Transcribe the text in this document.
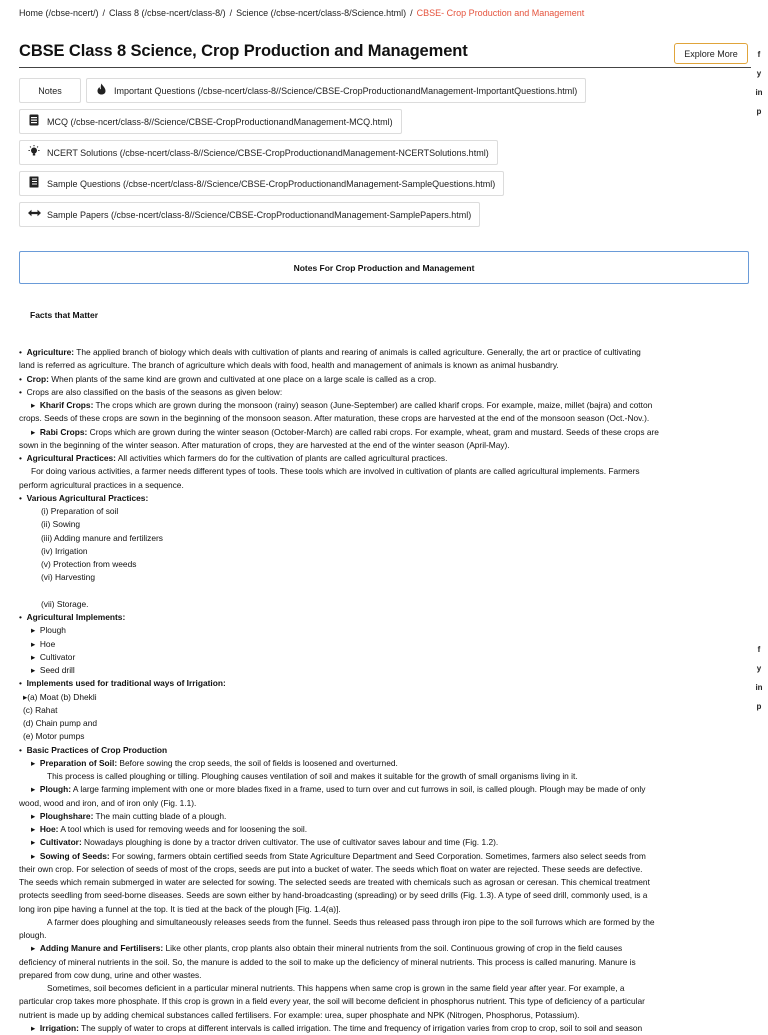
Home (/cbse-ncert/) / Class 8 (/cbse-ncert/class-8/) / Science (/cbse-ncert/class-8/Science.html) / CBSE- Crop Production and Management
CBSE Class 8 Science, Crop Production and Management	Explore More	f
y
in
p
f
y
in
p
Notes	Important Questions (/cbse-ncert/class-8//Science/CBSE-CropProductionandManagement-ImportantQuestions.html)
MCQ (/cbse-ncert/class-8//Science/CBSE-CropProductionandManagement-MCQ.html)
NCERT Solutions (/cbse-ncert/class-8//Science/CBSE-CropProductionandManagement-NCERTSolutions.html)
Sample Questions (/cbse-ncert/class-8//Science/CBSE-CropProductionandManagement-SampleQuestions.html)
Sample Papers (/cbse-ncert/class-8//Science/CBSE-CropProductionandManagement-SamplePapers.html)
Notes For Crop Production and Management
Facts that Matter
•  Agriculture: The applied branch of biology which deals with cultivation of plants and rearing of animals is called agriculture. Generally, the art or practice of cultivating
land is referred as agriculture. The branch of agriculture which deals with food, health and management of animals is known as animal husbandry.
•  Crop: When plants of the same kind are grown and cultivated at one place on a large scale is called as a crop.
•  Crops are also classified on the basis of the seasons as given below:
▸  Kharif Crops: The crops which are grown during the monsoon (rainy) season (June-September) are called kharif crops. For example, maize, millet (bajra) and cotton
crops. Seeds of these crops are sown in the beginning of the monsoon season. After maturation, these crops are harvested at the end of the monsoon season (Oct.-Nov.).
▸  Rabi Crops: Crops which are grown during the winter season (October-March) are called rabi crops. For example, wheat, gram and mustard. Seeds of these crops are
sown in the beginning of the winter season. After maturation of crops, they are harvested at the end of the winter season (April-May).
•  Agricultural Practices: All activities which farmers do for the cultivation of plants are called agricultural practices.
For doing various activities, a farmer needs different types of tools. These tools which are involved in cultivation of plants are called agricultural implements. Farmers
perform agricultural practices in a sequence.
•  Various Agricultural Practices:
(i) Preparation of soil
(ii) Sowing
(iii) Adding manure and fertilizers
(iv) Irrigation
(v) Protection from weeds
(vi) Harvesting
(vii) Storage.
•  Agricultural Implements:
▸  Plough
▸  Hoe
▸  Cultivator
▸  Seed drill
•  Implements used for traditional ways of Irrigation:
▸(a) Moat (b) Dhekli
(c) Rahat
(d) Chain pump and
(e) Motor pumps
•  Basic Practices of Crop Production
▸  Preparation of Soil: Before sowing the crop seeds, the soil of fields is loosened and overturned.
This process is called ploughing or tilling. Ploughing causes ventilation of soil and makes it suitable for the growth of small organisms living in it.
▸  Plough: A large farming implement with one or more blades fixed in a frame, used to turn over and cut furrows in soil, is called plough. Plough may be made of only
wood, wood and iron, and of iron only (Fig. 1.1).
▸  Ploughshare: The main cutting blade of a plough.
▸  Hoe: A tool which is used for removing weeds and for loosening the soil.
▸  Cultivator: Nowadays ploughing is done by a tractor driven cultivator. The use of cultivator saves labour and time (Fig. 1.2).
▸  Sowing of Seeds: For sowing, farmers obtain certified seeds from State Agriculture Department and Seed Corporation. Sometimes, farmers also select seeds from
their own crop. For selection of seeds of most of the crops, seeds are put into a bucket of water. The seeds which float on water are rejected. These seeds are defective.
The seeds which remain submerged in water are selected for sowing. The selected seeds are treated with chemicals such as agrosan or ceresan. This chemical treatment
protects seedling from seed-borne diseases. Seeds are sown either by hand-broadcasting (spreading) or by seed drills (Fig. 1.3). A type of seed drill, commonly used, is a
long iron pipe having a funnel at the top. It is tied at the back of the plough [Fig. 1.4(a)].
A farmer does ploughing and simultaneously releases seeds from the funnel. Seeds thus released pass through iron pipe to the soil furrows which are formed by the
plough.
▸  Adding Manure and Fertilisers: Like other plants, crop plants also obtain their mineral nutrients from the soil. Continuous growing of crop in the field causes
deficiency of mineral nutrients in the soil. So, the manure is added to the soil to make up the deficiency of mineral nutrients. This process is called manuring. Manure is
prepared from cow dung, urine and other wastes.
Sometimes, soil becomes deficient in a particular mineral nutrients. This happens when same crop is grown in the same field year after year. For example, a
particular crop takes more phosphate. If this crop is grown in a field every year, the soil will become deficient in phosphorus nutrient. This type of deficiency of a particular
nutrient is made up by adding chemical substances called fertilisers. For example: urea, super phosphate and NPK (Nitrogen, Phosphorus, Potassium).
▸  Irrigation: The supply of water to crops at different intervals is called irrigation. The time and frequency of irrigation varies from crop to crop, soil to soil and season
